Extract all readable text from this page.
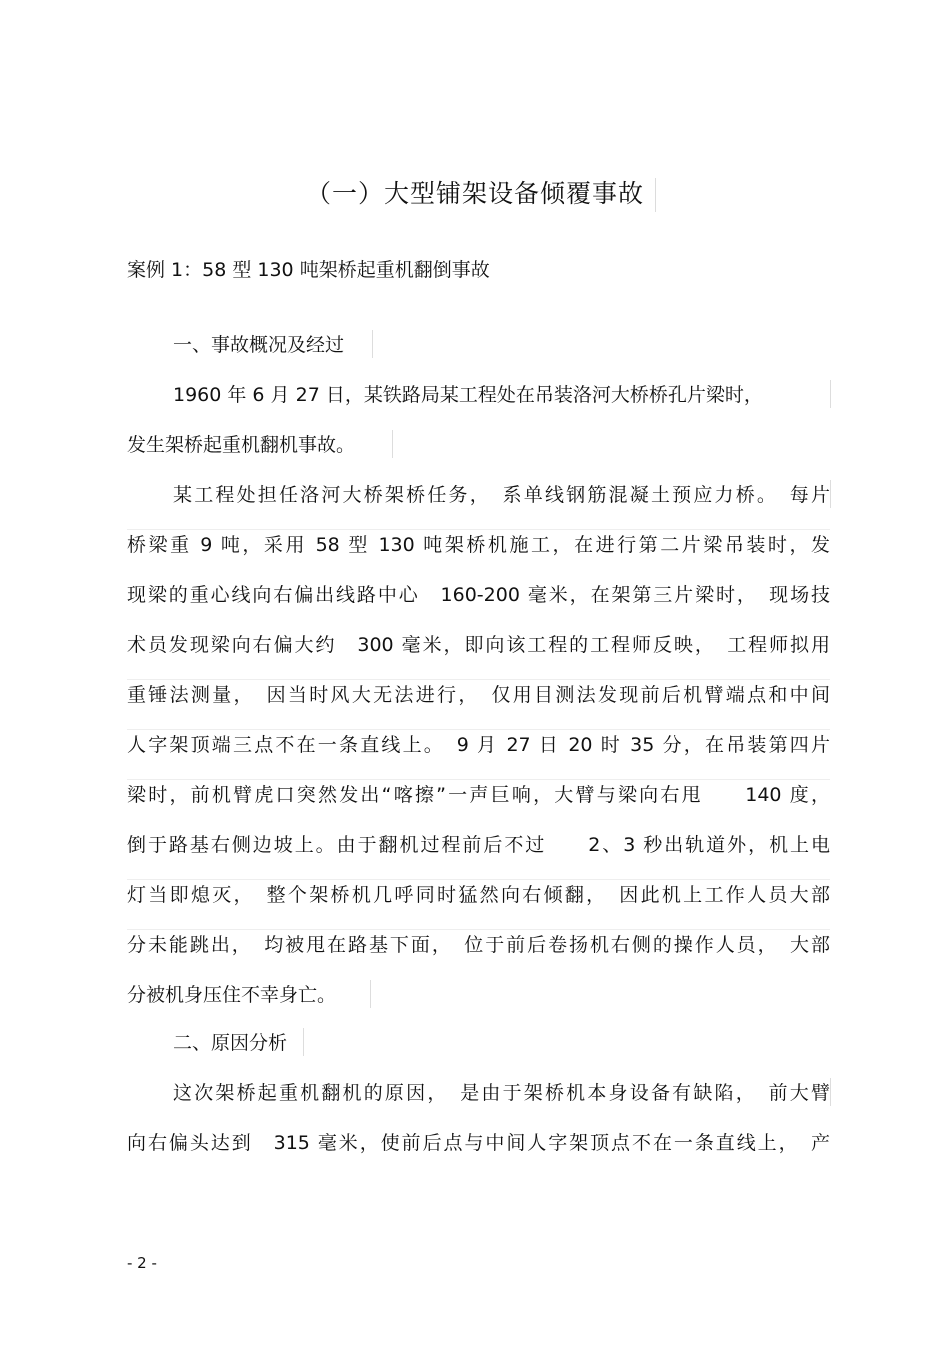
（一）大型铺架设备倾覆事故
案例 1：58 型 130 吨架桥起重机翻倒事故
一、事故概况及经过
1960 年 6 月 27 日，某铁路局某工程处在吊装洛河大桥桥孔片梁时，
发生架桥起重机翻机事故。
某工程处担任洛河大桥架桥任务，　系单线钢筋混凝土预应力桥。　每片
桥梁重 9 吨，采用 58 型 130 吨架桥机施工，在进行第二片梁吊装时，发
现梁的重心线向右偏出线路中心　160-200 毫米，在架第三片梁时，　现场技
术员发现梁向右偏大约　300 毫米，即向该工程的工程师反映，　工程师拟用
重锤法测量，　因当时风大无法进行，　仅用目测法发现前后机臂端点和中间
人字架顶端三点不在一条直线上。　9 月 27 日 20 时 35 分，在吊装第四片
梁时，前机臂虎口突然发出“喀擦”一声巨响，大臂与梁向右甩　　140 度，
倒于路基右侧边坡上。由于翻机过程前后不过　　2、3 秒出轨道外，机上电
灯当即熄灭，　整个架桥机几呼同时猛然向右倾翻，　因此机上工作人员大部
分未能跳出，　均被甩在路基下面，　位于前后卷扬机右侧的操作人员，　大部
分被机身压住不幸身亡。
二、原因分析
这次架桥起重机翻机的原因，　是由于架桥机本身设备有缺陷，　前大臂
向右偏头达到　315 毫米，使前后点与中间人字架顶点不在一条直线上，　产
- 2 -
